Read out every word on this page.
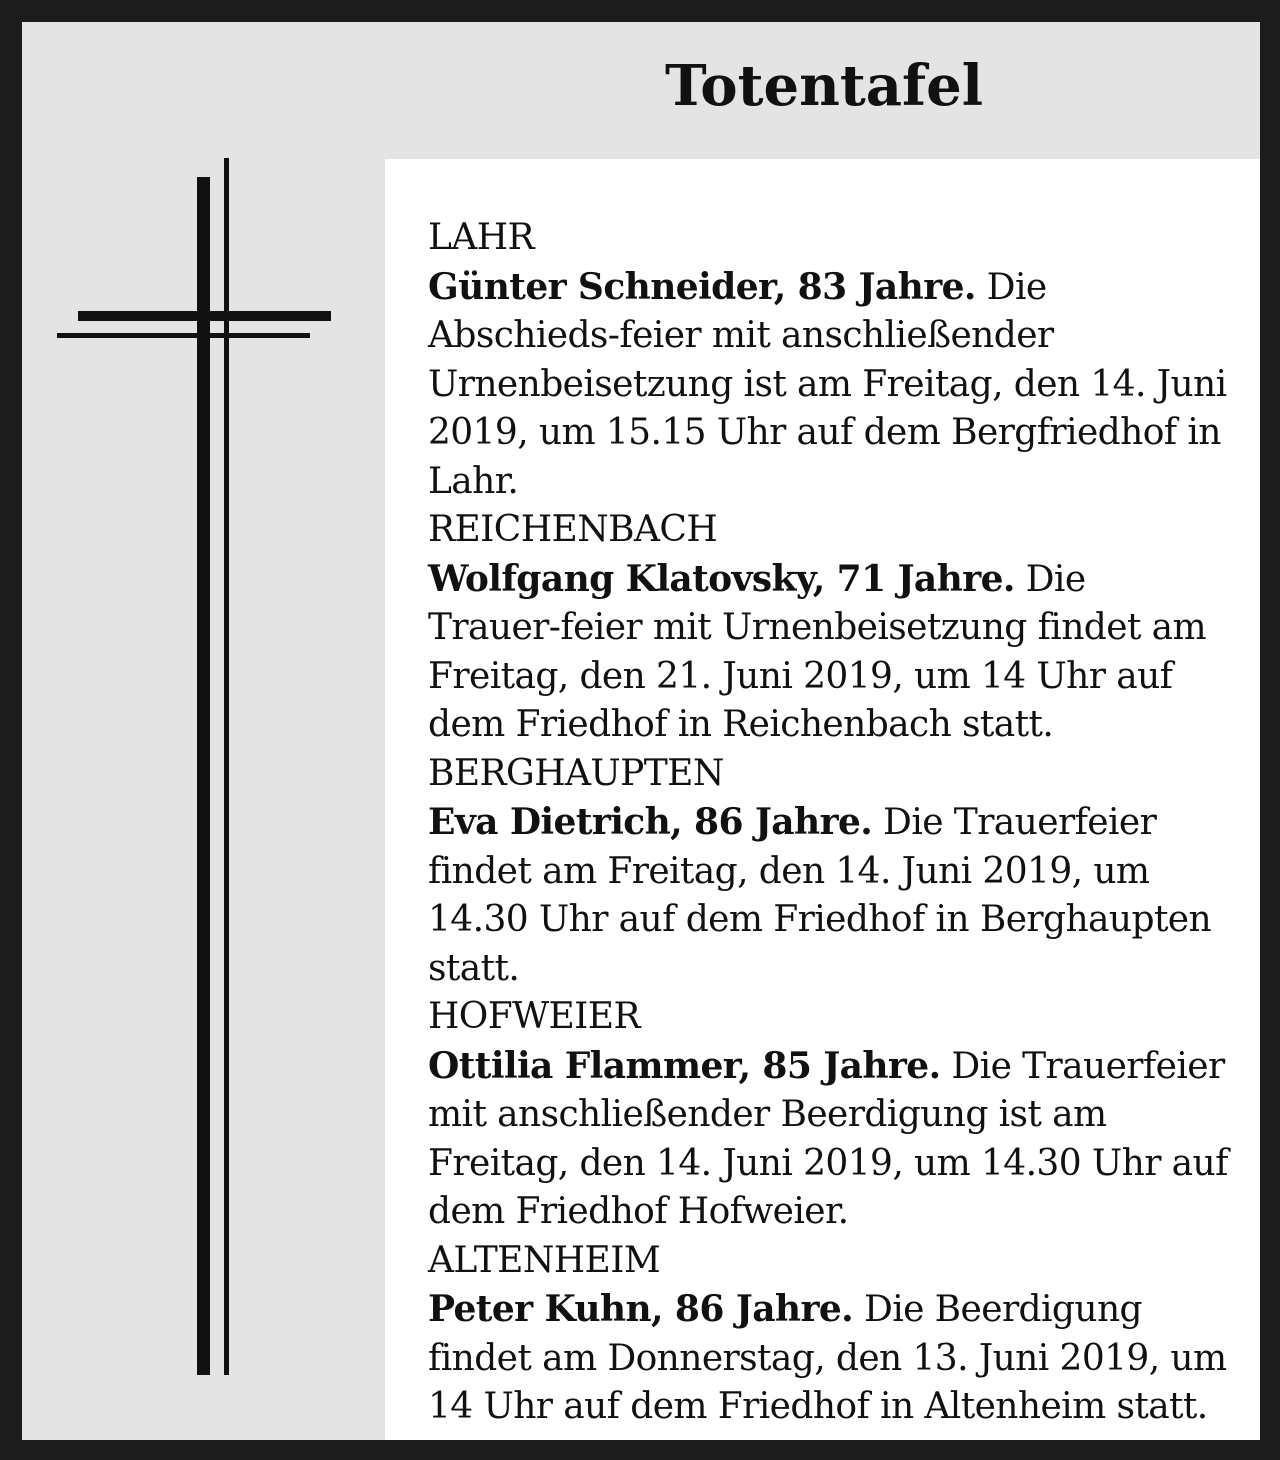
Totentafel
LAHR
Günter Schneider, 83 Jahre. Die Abschieds-feier mit anschließender Urnenbeisetzung ist am Freitag, den 14. Juni 2019, um 15.15 Uhr auf dem Bergfriedhof in Lahr.
REICHENBACH
Wolfgang Klatovsky, 71 Jahre. Die Trauer-feier mit Urnenbeisetzung findet am Freitag, den 21. Juni 2019, um 14 Uhr auf dem Friedhof in Reichenbach statt.
BERGHAUPTEN
Eva Dietrich, 86 Jahre. Die Trauerfeier findet am Freitag, den 14. Juni 2019, um 14.30 Uhr auf dem Friedhof in Berghaupten statt.
HOFWEIER
Ottilia Flammer, 85 Jahre. Die Trauerfeier mit anschließender Beerdigung ist am Freitag, den 14. Juni 2019, um 14.30 Uhr auf dem Friedhof Hofweier.
ALTENHEIM
Peter Kuhn, 86 Jahre. Die Beerdigung findet am Donnerstag, den 13. Juni 2019, um 14 Uhr auf dem Friedhof in Altenheim statt.
